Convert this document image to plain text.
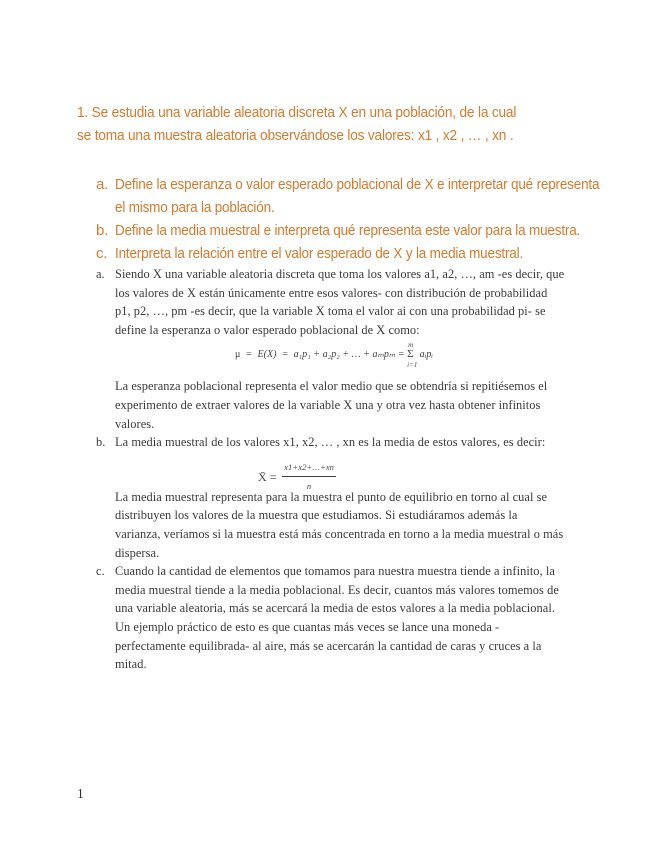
1. Se estudia una variable aleatoria discreta X en una población, de la cual se toma una muestra aleatoria observándose los valores: x1 , x2 , … , xn .
a. Define la esperanza o valor esperado poblacional de X e interpretar qué representa el mismo para la población.
b. Define la media muestral e interpreta qué representa este valor para la muestra.
c. Interpreta la relación entre el valor esperado de X y la media muestral.
a. Siendo X una variable aleatoria discreta que toma los valores a1, a2, …, am -es decir, que los valores de X están únicamente entre esos valores- con distribución de probabilidad p1, p2, …, pm -es decir, que la variable X toma el valor ai con una probabilidad pi- se define la esperanza o valor esperado poblacional de X como:

μ = E(X) = a₁p₁ + a₂p₂ + … + aₘpₘ =
m
Σ
i=1
aᵢpᵢ

La esperanza poblacional representa el valor medio que se obtendría si repitiésemos el experimento de extraer valores de la variable X una y otra vez hasta obtener infinitos valores.

b. La media muestral de los valores x1, x2, … , xn es la media de estos valores, es decir:

X̄ = $\frac{x1+x2+\dots+xn}{n}$

La media muestral representa para la muestra el punto de equilibrio en torno al cual se distribuyen los valores de la muestra que estudiamos. Si estudiáramos además la varianza, veríamos si la muestra está más concentrada en torno a la media muestral o más dispersa.

c. Cuando la cantidad de elementos que tomamos para nuestra muestra tiende a infinito, la media muestral tiende a la media poblacional. Es decir, cuantos más valores tomemos de una variable aleatoria, más se acercará la media de estos valores a la media poblacional. Un ejemplo práctico de esto es que cuantas más veces se lance una moneda -perfectamente equilibrada- al aire, más se acercarán la cantidad de caras y cruces a la mitad.

1
